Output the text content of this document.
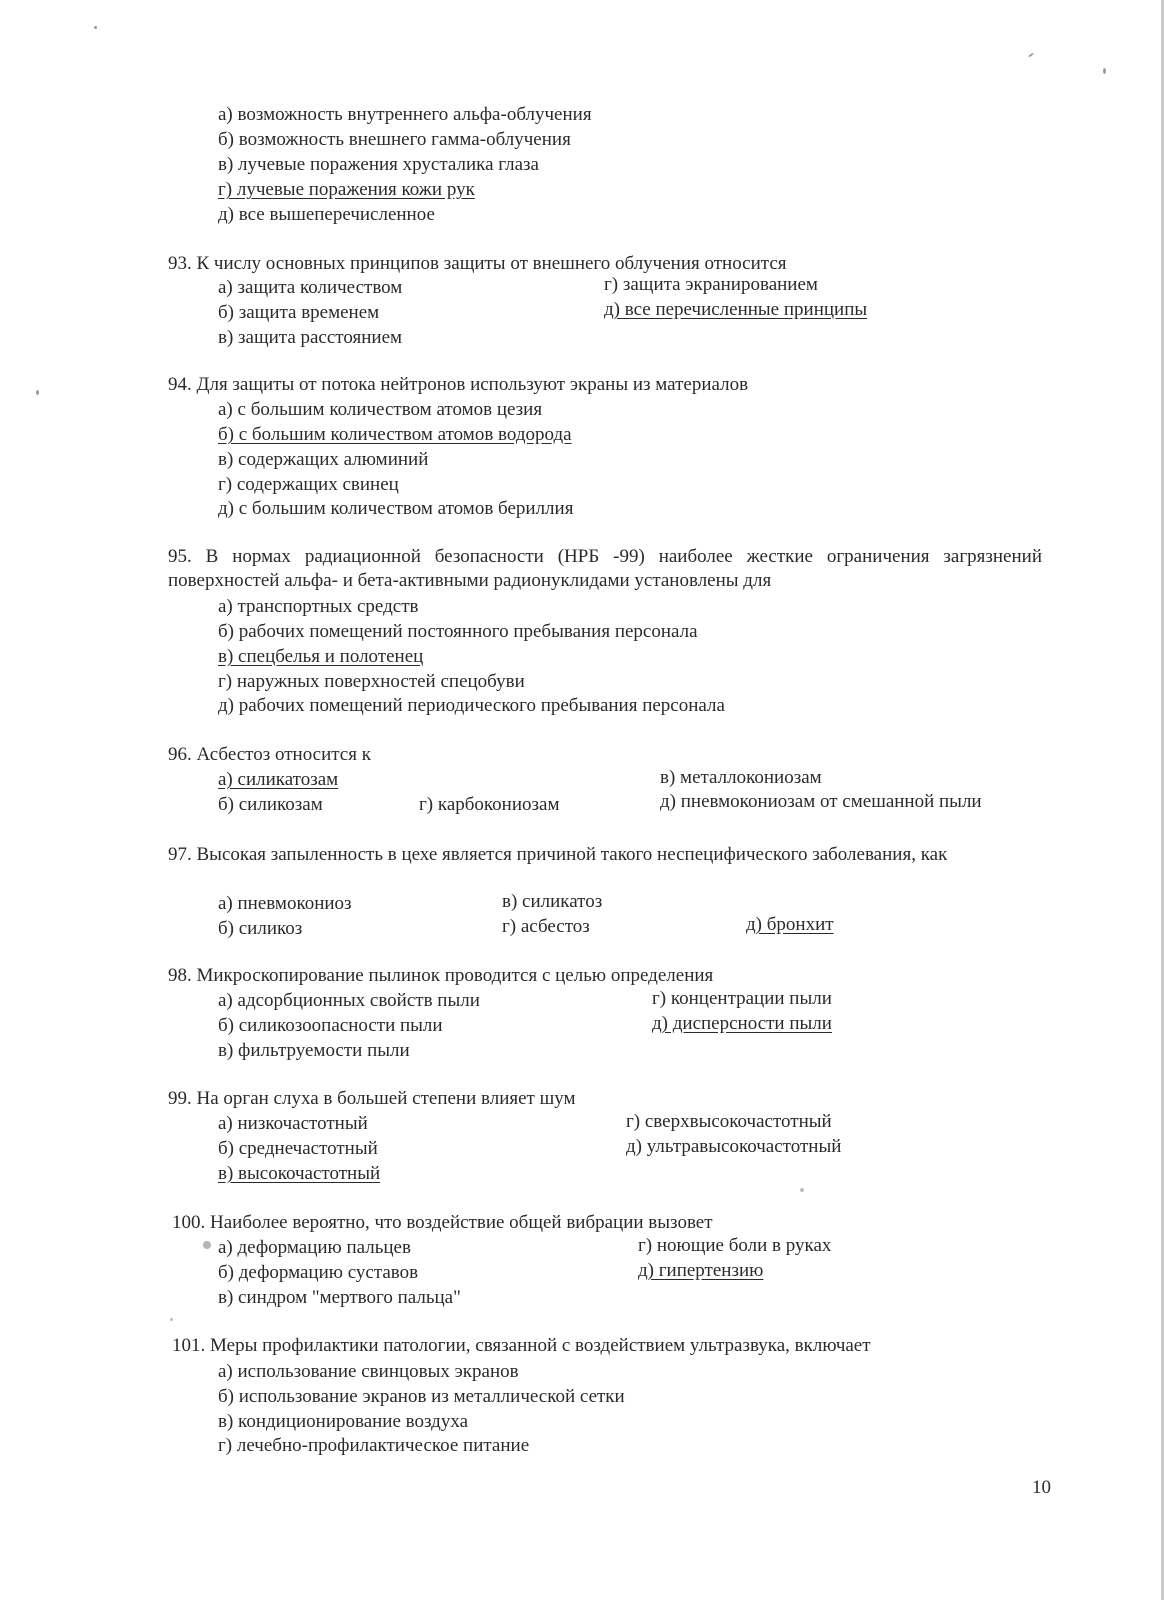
а) возможность внутреннего альфа-облучения
б) возможность внешнего гамма-облучения
в) лучевые поражения хрусталика глаза
г) лучевые поражения кожи рук
д) все вышеперечисленное
93. К числу основных принципов защиты от внешнего облучения относится
а) защита количеством
б) защита временем
в) защита расстоянием
г) защита экранированием
д) все перечисленные принципы
94. Для защиты от потока нейтронов используют экраны из материалов
а) с большим количеством атомов цезия
б) с большим количеством атомов водорода
в) содержащих алюминий
г) содержащих свинец
д) с большим количеством атомов бериллия
95. В нормах радиационной безопасности (НРБ -99) наиболее жесткие ограничения загрязнений поверхностей альфа- и бета-активными радионуклидами установлены для
а) транспортных средств
б) рабочих помещений постоянного пребывания персонала
в) спецбелья и полотенец
г) наружных поверхностей спецобуви
д) рабочих помещений периодического пребывания персонала
96. Асбестоз относится к
а) силикатозам
б) силикозам
в) металлокониозам
г) карбокониозам	д) пневмокониозам от смешанной пыли
97. Высокая запыленность в цехе является причиной такого неспецифического заболевания, как
а) пневмокониоз
б) силикоз
в) силикатоз
г) асбестоз	д) бронхит
98. Микроскопирование пылинок проводится с целью определения
а) адсорбционных свойств пыли
б) силикозоопасности пыли
в) фильтруемости пыли
г) концентрации пыли
д) дисперсности пыли
99. На орган слуха в большей степени влияет шум
а) низкочастотный
б) среднечастотный
в) высокочастотный
г) сверхвысокочастотный
д) ультравысокочастотный
100. Наиболее вероятно, что воздействие общей вибрации вызовет
а) деформацию пальцев
б) деформацию суставов
в) синдром "мертвого пальца"
г) ноющие боли в руках
д) гипертензию
101. Меры профилактики патологии, связанной с воздействием ультразвука, включает
а) использование свинцовых экранов
б) использование экранов из металлической сетки
в) кондиционирование воздуха
г) лечебно-профилактическое питание
10
